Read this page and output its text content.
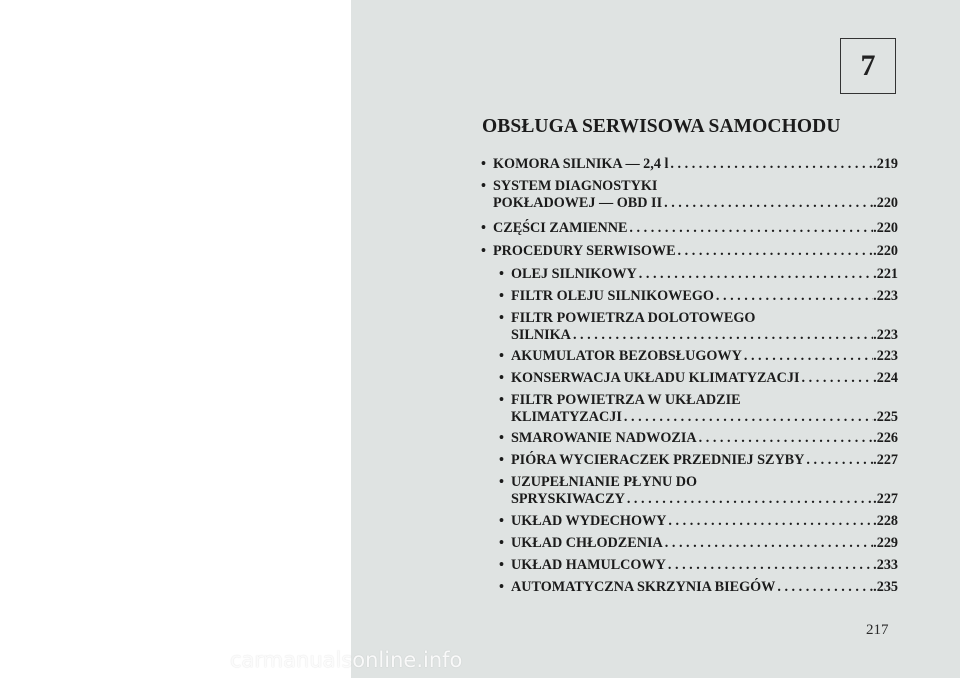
7
OBSŁUGA SERWISOWA SAMOCHODU
• KOMORA SILNIKA — 2,4 l . . .	.219
• SYSTEM DIAGNOSTYKI
POKŁADOWEJ — OBD II . . .	.220
• CZĘŚCI ZAMIENNE . . .	.220
• PROCEDURY SERWISOWE . . .	.220
• OLEJ SILNIKOWY . . .	.221
• FILTR OLEJU SILNIKOWEGO . . .	.223
• FILTR POWIETRZA DOLOTOWEGO
SILNIKA . . .	.223
• AKUMULATOR BEZOBSŁUGOWY . . .	.223
• KONSERWACJA UKŁADU KLIMATYZACJI . . .	.224
• FILTR POWIETRZA W UKŁADZIE
KLIMATYZACJI . . .	.225
• SMAROWANIE NADWOZIA . . .	.226
• PIÓRA WYCIERACZEK PRZEDNIEJ SZYBY . . .	.227
• UZUPEŁNIANIE PŁYNU DO
SPRYSKIWACZY . . .	.227
• UKŁAD WYDECHOWY . . .	.228
• UKŁAD CHŁODZENIA . . .	.229
• UKŁAD HAMULCOWY . . .	.233
• AUTOMATYCZNA SKRZYNIA BIEGÓW . . .	.235
217
carmanualsonline.info
